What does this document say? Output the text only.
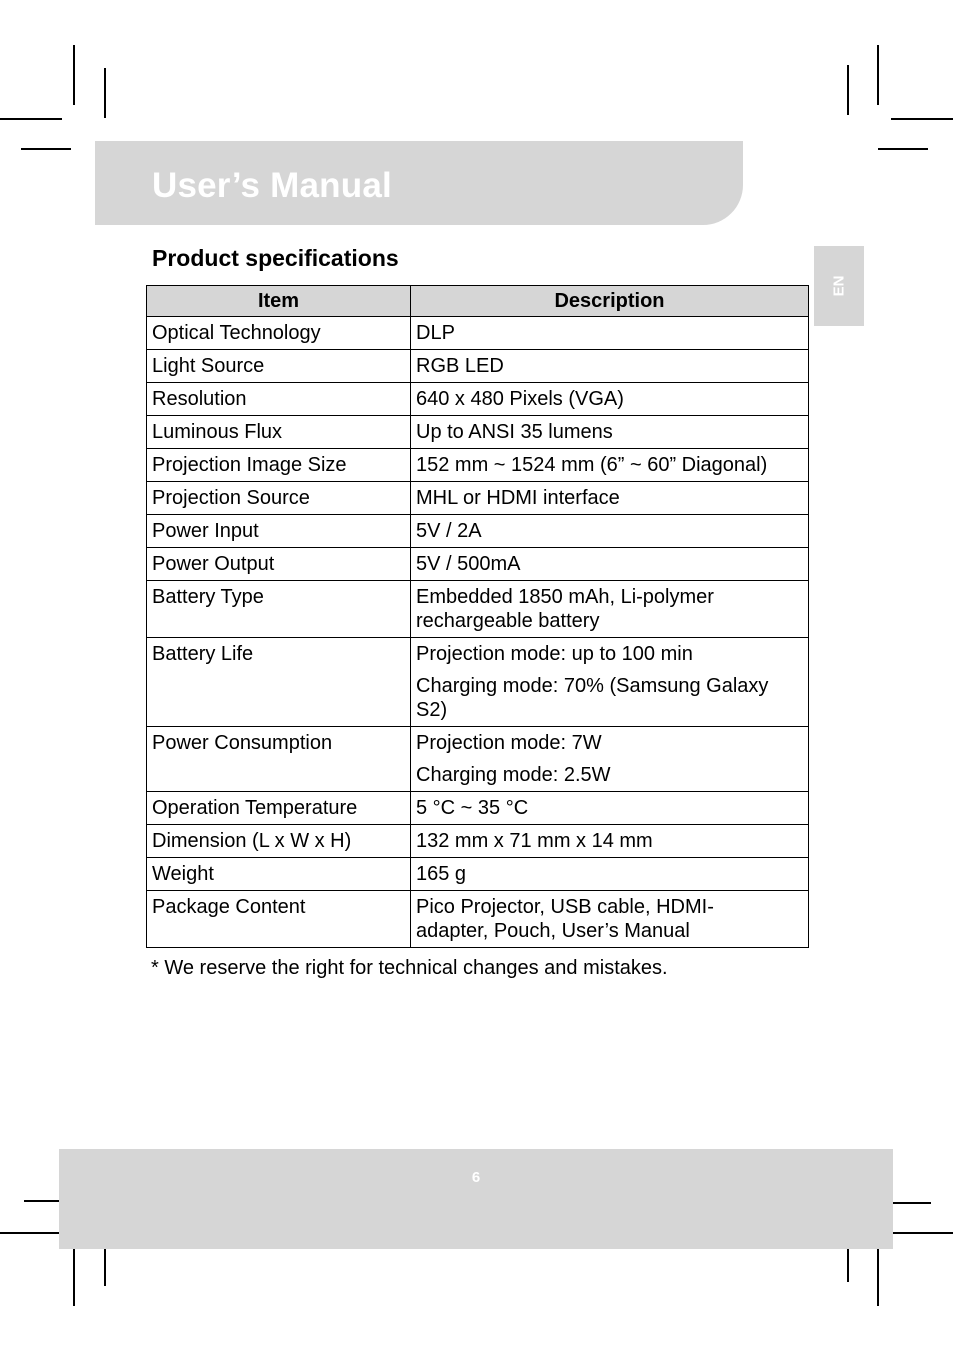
User’s Manual
EN
Product specifications
Item	Description
Optical Technology	DLP

Light Source	RGB LED

Resolution	640 x 480 Pixels (VGA)

Luminous Flux	Up to ANSI 35 lumens

Projection Image Size	152 mm ~ 1524 mm (6” ~ 60” Diagonal)

Projection Source	MHL or HDMI interface

Power Input	5V / 2A

Power Output	5V / 500mA

Battery Type	Embedded 1850 mAh, Li-polymer rechargeable battery

Battery Life	Projection mode: up to 100 min

Charging mode: 70% (Samsung Galaxy S2)

Power Consumption	Projection mode: 7W

Charging mode: 2.5W

Operation Temperature	5 °C ~ 35 °C

Dimension (L x W x H)	132 mm x 71 mm x 14 mm

Weight	165 g

Package Content	Pico Projector, USB cable, HDMI-adapter, Pouch, User’s Manual

* We reserve the right for technical changes and mistakes.
6
